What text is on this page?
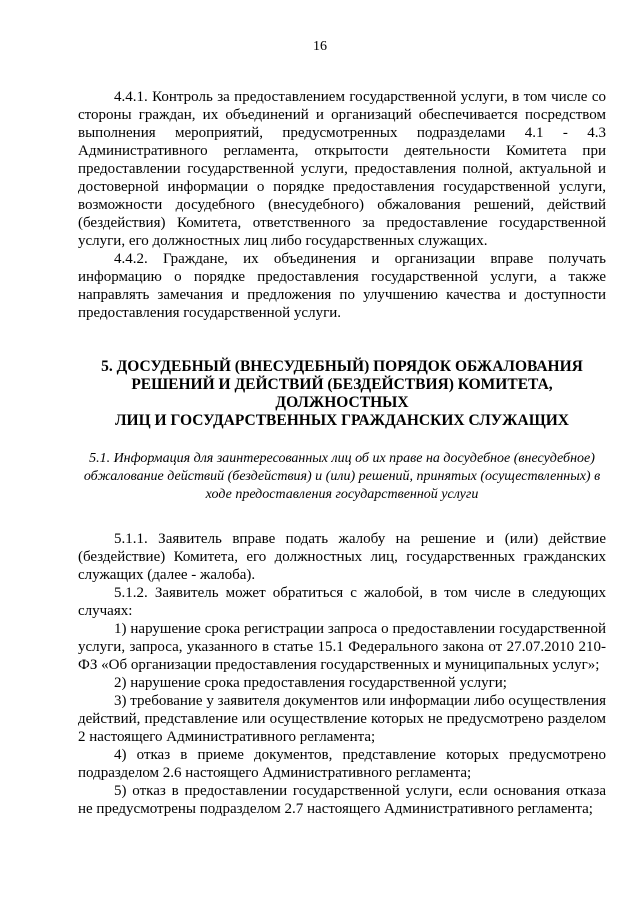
16

4.4.1. Контроль за предоставлением государственной услуги, в том числе со стороны граждан, их объединений и организаций обеспечивается посредством выполнения мероприятий, предусмотренных подразделами 4.1 - 4.3 Административного регламента, открытости деятельности Комитета при предоставлении государственной услуги, предоставления полной, актуальной и достоверной информации о порядке предоставления государственной услуги, возможности досудебного (внесудебного) обжалования решений, действий (бездействия) Комитета, ответственного за предоставление государственной услуги, его должностных лиц либо государственных служащих.

4.4.2. Граждане, их объединения и организации вправе получать информацию о порядке предоставления государственной услуги, а также направлять замечания и предложения по улучшению качества и доступности предоставления государственной услуги.

5. ДОСУДЕБНЫЙ (ВНЕСУДЕБНЫЙ) ПОРЯДОК ОБЖАЛОВАНИЯ
РЕШЕНИЙ И ДЕЙСТВИЙ (БЕЗДЕЙСТВИЯ) КОМИТЕТА,
ДОЛЖНОСТНЫХ
ЛИЦ И ГОСУДАРСТВЕННЫХ ГРАЖДАНСКИХ СЛУЖАЩИХ

5.1. Информация для заинтересованных лиц об их праве на досудебное (внесудебное) обжалование действий (бездействия) и (или) решений, принятых (осуществленных) в ходе предоставления государственной услуги

5.1.1. Заявитель вправе подать жалобу на решение и (или) действие (бездействие) Комитета, его должностных лиц, государственных гражданских служащих (далее - жалоба).

5.1.2. Заявитель может обратиться с жалобой, в том числе в следующих случаях:

1) нарушение срока регистрации запроса о предоставлении государственной услуги, запроса, указанного в статье 15.1 Федерального закона от 27.07.2010 210-ФЗ «Об организации предоставления государственных и муниципальных услуг»;

2) нарушение срока предоставления государственной услуги;

3) требование у заявителя документов или информации либо осуществления действий, представление или осуществление которых не предусмотрено разделом 2 настоящего Административного регламента;

4) отказ в приеме документов, представление которых предусмотрено подразделом 2.6 настоящего Административного регламента;

5) отказ в предоставлении государственной услуги, если основания отказа не предусмотрены подразделом 2.7 настоящего Административного регламента;
